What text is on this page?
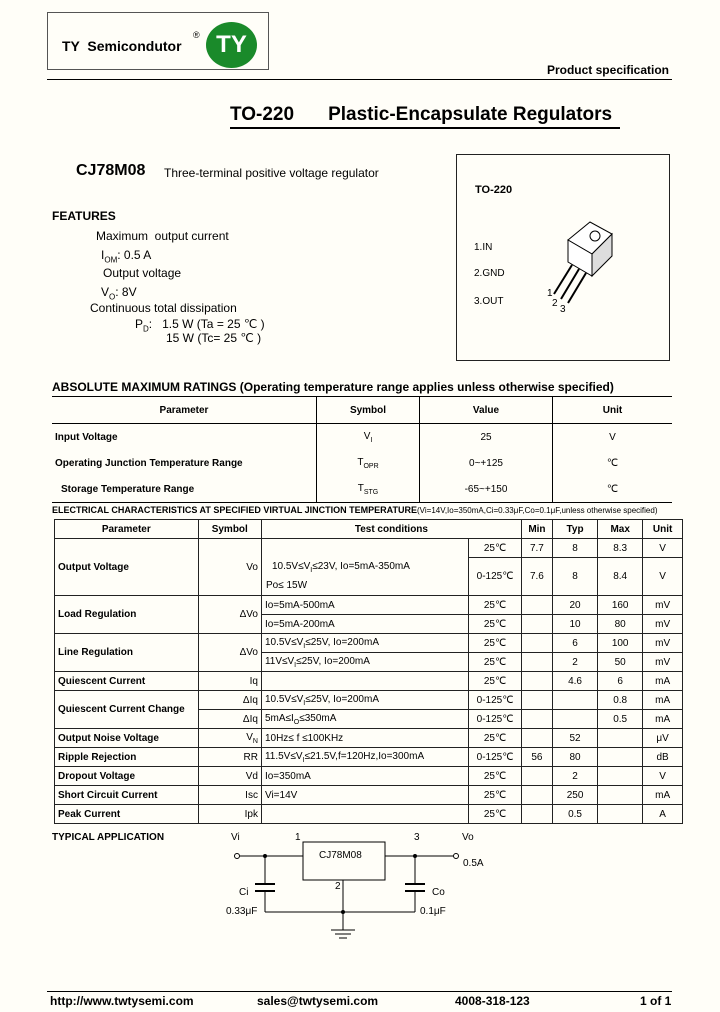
TY  Semicondutor
® TY
Product specification
TO-220 Plastic-Encapsulate Regulators
CJ78M08 Three-terminal positive voltage regulator
FEATURES
Maximum  output current
$I_{OM}$: 0.5 A
Output voltage
$V_O$: 8V
Continuous total dissipation
$P_D$:   1.5 W (Ta = 25 ℃ )
15 W (Tc= 25 ℃ )
TO-220
1.IN
2.GND
3.OUT
1
2
3
ABSOLUTE MAXIMUM RATINGS (Operating temperature range applies unless otherwise specified)
Parameter	Symbol	Value	Unit
Input Voltage	$V_I$	25	V
Operating Junction Temperature Range	$T_{OPR}$	0~+125	℃
Storage Temperature Range	$T_{STG}$	-65~+150	℃
ELECTRICAL CHARACTERISTICS AT SPECIFIED VIRTUAL JINCTION TEMPERATURE(Vi=14V,Io=350mA,Ci=0.33μF,Co=0.1μF,unless otherwise specified)
Parameter	Symbol	Test conditions		Min	Typ	Max	Unit
Output Voltage	Vo		25℃	7.7	8	8.3	V
		$10.5V\le V_I\le 23V$, Io=5mA-350mA	0-125℃	7.6	8	8.4	V
		Po≤ 15W					
Load Regulation	ΔVo	Io=5mA-500mA	25℃		20	160	mV
		Io=5mA-200mA	25℃		10	80	mV
Line Regulation	ΔVo	$10.5V\le V_I\le 25V$, Io=200mA	25℃		6	100	mV
		$11V\le V_I\le 25V$, Io=200mA	25℃		2	50	mV
Quiescent Current	Iq		25℃		4.6	6	mA
Quiescent Current Change	ΔIq	$10.5V\le V_I\le 25V$, Io=200mA	0-125℃			0.8	mA
	ΔIq	$5mA\le I_O\le 350mA$	0-125℃			0.5	mA
Output Noise Voltage	$V_N$	10Hz≤ f ≤100KHz	25℃		52		μV
Ripple Rejection	RR	$11.5V\le V_I\le 21.5V,f=120Hz,Io=300mA$	0-125℃	56	80		dB
Dropout Voltage	Vd	Io=350mA	25℃		2		V
Short Circuit Current	Isc	Vi=14V	25℃		250		mA
Peak Current	Ipk		25℃		0.5		A
TYPICAL APPLICATION	Vi	1	3	Vo
CJ78M08
2
0.5A
Ci
0.33μF
Co
0.1μF
http://www.twtysemi.com	sales@twtysemi.com	4008-318-123	1 of 1
